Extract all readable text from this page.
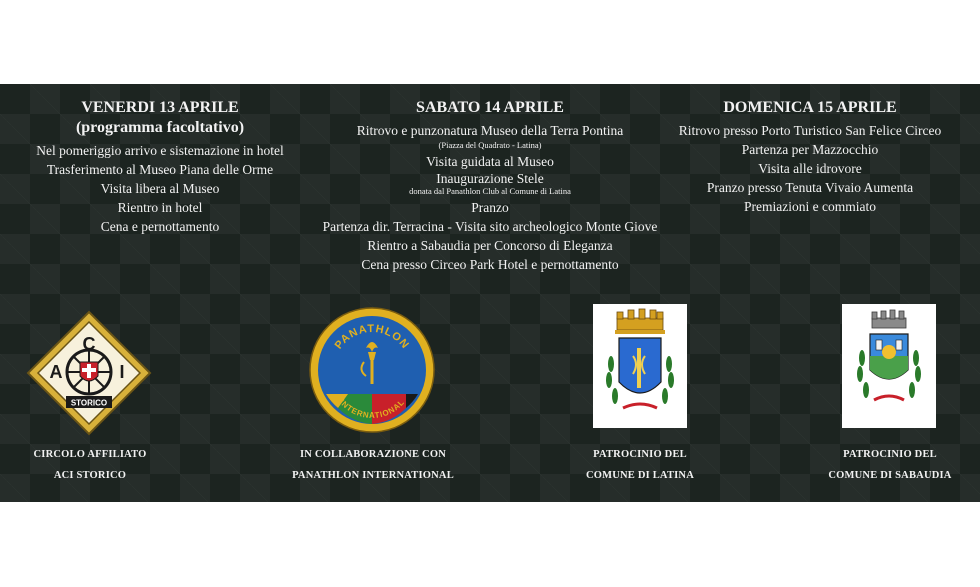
VENERDI 13 APRILE

(programma facoltativo)

Nel pomeriggio arrivo e sistemazione in hotel

Trasferimento al Museo Piana delle Orme

Visita libera al Museo

Rientro in hotel

Cena e pernottamento

SABATO 14 APRILE

Ritrovo e punzonatura Museo della Terra Pontina

(Piazza del Quadrato - Latina)

Visita guidata al Museo

Inaugurazione Stele

donata dal Panathlon Club al Comune di Latina

Pranzo

Partenza dir. Terracina - Visita sito archeologico Monte Giove

Rientro a Sabaudia per Concorso di Eleganza

Cena presso Circeo Park Hotel e pernottamento

DOMENICA 15 APRILE

Ritrovo presso Porto Turistico San Felice Circeo

Partenza per Mazzocchio

Visita alle idrovore

Pranzo presso Tenuta Vivaio Aumenta

Premiazioni e commiato

C
A	I
STORICO
PANATHLON
INTERNATIONAL
CIRCOLO AFFILIATO
ACI STORICO
IN COLLABORAZIONE CON
PANATHLON INTERNATIONAL
PATROCINIO DEL
COMUNE DI LATINA
PATROCINIO DEL
COMUNE DI SABAUDIA
